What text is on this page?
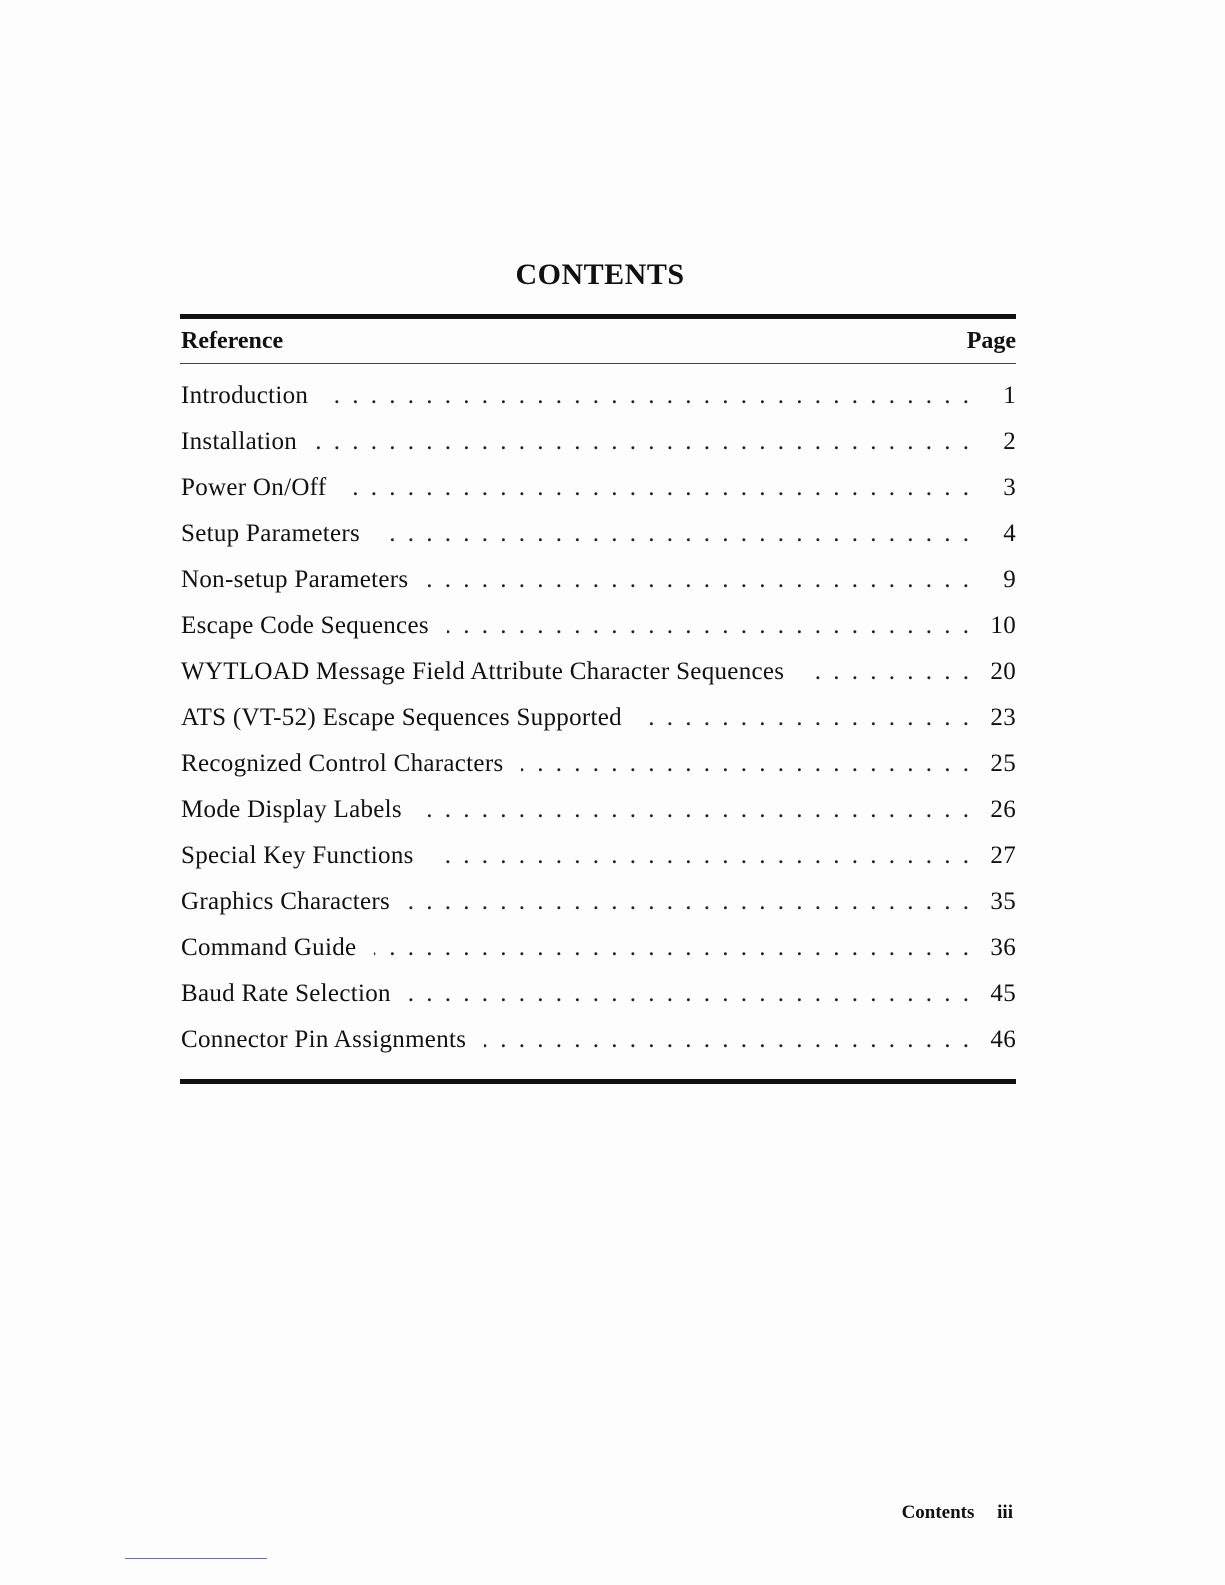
CONTENTS
Reference	Page
Introduction . . .	1
Installation . . .	2
Power On/Off . . .	3
Setup Parameters . . .	4
Non-setup Parameters . . .	9
Escape Code Sequences . . .	10
WYTLOAD Message Field Attribute Character Sequences . . .	20
ATS (VT-52) Escape Sequences Supported . . .	23
Recognized Control Characters . . .	25
Mode Display Labels . . .	26
Special Key Functions . . .	27
Graphics Characters . . .	35
Command Guide . . .	36
Baud Rate Selection . . .	45
Connector Pin Assignments . . .	46
Contents iii
